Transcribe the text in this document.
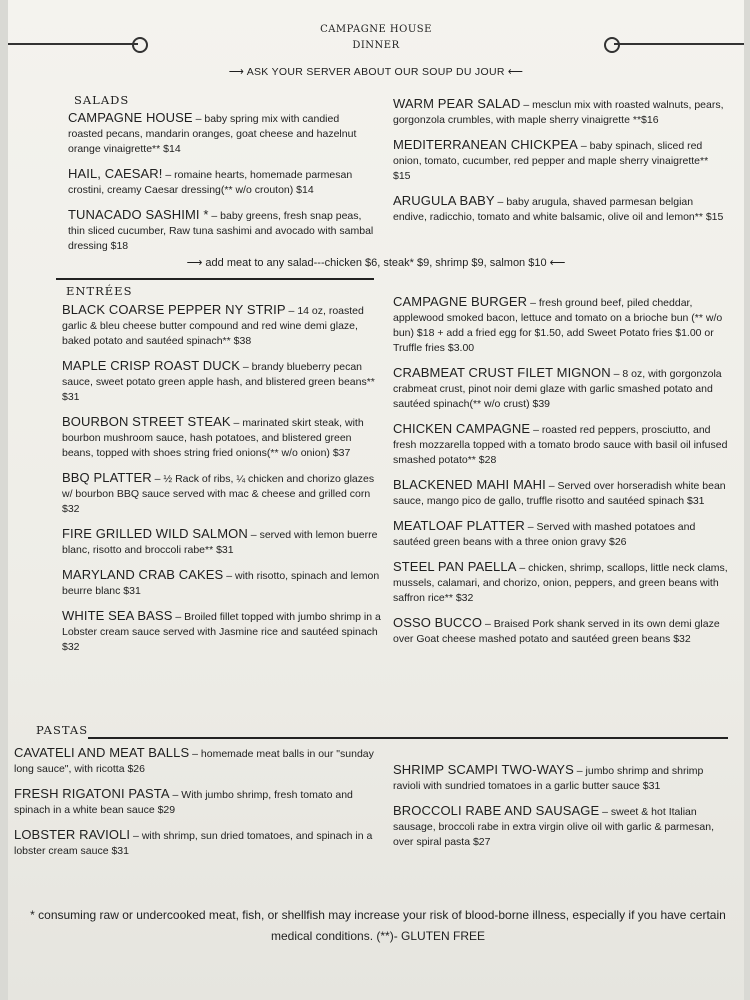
CAMPAGNE HOUSE
DINNER
⟶ ASK YOUR SERVER ABOUT OUR SOUP DU JOUR ⟵
SALADS
CAMPAGNE HOUSE – baby spring mix with candied roasted pecans, mandarin oranges, goat cheese and hazelnut orange vinaigrette** $14
HAIL, CAESAR! – romaine hearts, homemade parmesan crostini, creamy Caesar dressing(** w/o crouton) $14
TUNACADO SASHIMI * – baby greens, fresh snap peas, thin sliced cucumber, Raw tuna sashimi and avocado with sambal dressing $18
WARM PEAR SALAD – mesclun mix with roasted walnuts, pears, gorgonzola crumbles, with maple sherry vinaigrette **$16
MEDITERRANEAN CHICKPEA – baby spinach, sliced red onion, tomato, cucumber, red pepper and maple sherry vinaigrette** $15
ARUGULA BABY – baby arugula, shaved parmesan belgian endive, radicchio, tomato and white balsamic, olive oil and lemon** $15
⟶ add meat to any salad---chicken $6, steak* $9, shrimp $9, salmon $10 ⟵
ENTRÉES
BLACK COARSE PEPPER NY STRIP – 14 oz, roasted garlic & bleu cheese butter compound and red wine demi glaze, baked potato and sautéed spinach** $38
MAPLE CRISP ROAST DUCK – brandy blueberry pecan sauce, sweet potato green apple hash, and blistered green beans** $31
BOURBON STREET STEAK – marinated skirt steak, with bourbon mushroom sauce, hash potatoes, and blistered green beans, topped with shoes string fried onions(** w/o onion) $37
BBQ PLATTER – ½ Rack of ribs, ¼ chicken and chorizo glazes w/ bourbon BBQ sauce served with mac & cheese and grilled corn $32
FIRE GRILLED WILD SALMON – served with lemon buerre blanc, risotto and broccoli rabe** $31
MARYLAND CRAB CAKES – with risotto, spinach and lemon beurre blanc $31
WHITE SEA BASS – Broiled fillet topped with jumbo shrimp in a Lobster cream sauce served with Jasmine rice and sautéed spinach $32
CAMPAGNE BURGER – fresh ground beef, piled cheddar, applewood smoked bacon, lettuce and tomato on a brioche bun (** w/o bun) $18 + add a fried egg for $1.50, add Sweet Potato fries $1.00 or Truffle fries $3.00
CRABMEAT CRUST FILET MIGNON – 8 oz, with gorgonzola crabmeat crust, pinot noir demi glaze with garlic smashed potato and sautéed spinach(** w/o crust) $39
CHICKEN CAMPAGNE – roasted red peppers, prosciutto, and fresh mozzarella topped with a tomato brodo sauce with basil oil infused smashed potato** $28
BLACKENED MAHI MAHI – Served over horseradish white bean sauce, mango pico de gallo, truffle risotto and sautéed spinach $31
MEATLOAF PLATTER – Served with mashed potatoes and sautéed green beans with a three onion gravy $26
STEEL PAN PAELLA – chicken, shrimp, scallops, little neck clams, mussels, calamari, and chorizo, onion, peppers, and green beans with saffron rice** $32
OSSO BUCCO – Braised Pork shank served in its own demi glaze over Goat cheese mashed potato and sautéed green beans $32
PASTAS
CAVATELI AND MEAT BALLS – homemade meat balls in our "sunday long sauce", with ricotta $26
FRESH RIGATONI PASTA – With jumbo shrimp, fresh tomato and spinach in a white bean sauce $29
LOBSTER RAVIOLI – with shrimp, sun dried tomatoes, and spinach in a lobster cream sauce $31
SHRIMP SCAMPI TWO-WAYS – jumbo shrimp and shrimp ravioli with sundried tomatoes in a garlic butter sauce $31
BROCCOLI RABE AND SAUSAGE – sweet & hot Italian sausage, broccoli rabe in extra virgin olive oil with garlic & parmesan, over spiral pasta $27
* consuming raw or undercooked meat, fish, or shellfish may increase your risk of blood-borne illness, especially if you have certain medical conditions. (**)- GLUTEN FREE
